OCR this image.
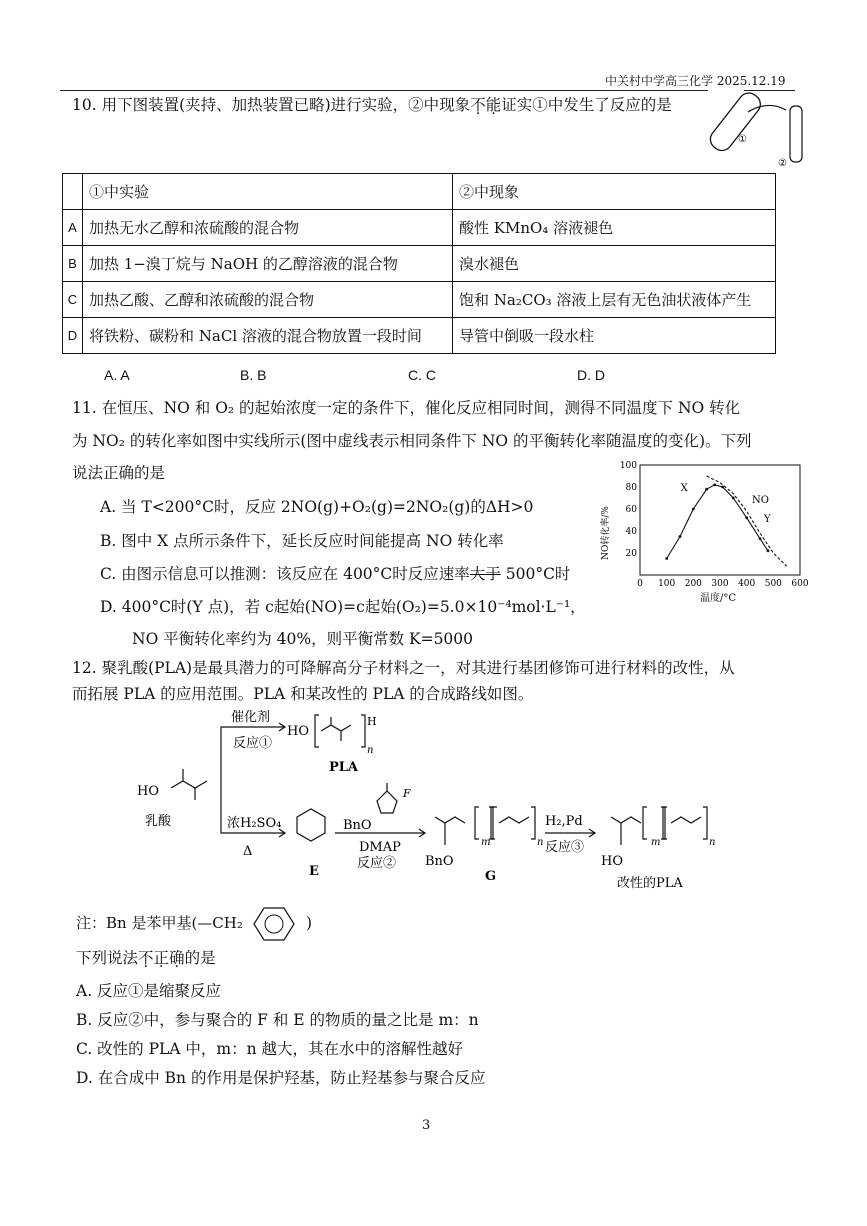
中关村中学高三化学 2025.12.19
10. 用下图装置(夹持、加热装置已略)进行实验，②中现象不能证实①中发生了反应的是
①
②
	①中实验	②中现象
A	加热无水乙醇和浓硫酸的混合物	酸性 KMnO₄ 溶液褪色
B	加热 1−溴丁烷与 NaOH 的乙醇溶液的混合物	溴水褪色
C	加热乙酸、乙醇和浓硫酸的混合物	饱和 Na₂CO₃ 溶液上层有无色油状液体产生
D	将铁粉、碳粉和 NaCl 溶液的混合物放置一段时间	导管中倒吸一段水柱
A. A	B. B	C. C	D. D
11. 在恒压、NO 和 O₂ 的起始浓度一定的条件下，催化反应相同时间，测得不同温度下 NO 转化
为 NO₂ 的转化率如图中实线所示(图中虚线表示相同条件下 NO 的平衡转化率随温度的变化)。下列
说法正确的是
A. 当 T<200°C时，反应 2NO(g)+O₂(g)=2NO₂(g)的ΔH>0
B. 图中 X 点所示条件下，延长反应时间能提高 NO 转化率
C. 由图示信息可以推测：该反应在 400°C时反应速率大于 500°C时
D. 400°C时(Y 点)，若 c起始(NO)=c起始(O₂)=5.0×10⁻⁴mol·L⁻¹，
NO 平衡转化率约为 40%，则平衡常数 K=5000
0 100 200 300 400 500 600
20
40
60
80
100
NO转化率/%
温度/°C
X
Y
NO
12. 聚乳酸(PLA)是最具潜力的可降解高分子材料之一，对其进行基团修饰可进行材料的改性，从
而拓展 PLA 的应用范围。PLA 和某改性的 PLA 的合成路线如图。
HO
乳酸
催化剂
反应①
HO
H
n
PLA
浓H₂SO₄
Δ
E
BnO
F
DMAP
反应② BnO
m	n
G
H₂,Pd
反应③
HO
m	n
改性的PLA
注：Bn 是苯甲基(—CH₂	)
下列说法不正确的是
A. 反应①是缩聚反应
B. 反应②中，参与聚合的 F 和 E 的物质的量之比是 m：n
C. 改性的 PLA 中，m：n 越大，其在水中的溶解性越好
D. 在合成中 Bn 的作用是保护羟基，防止羟基参与聚合反应
3
